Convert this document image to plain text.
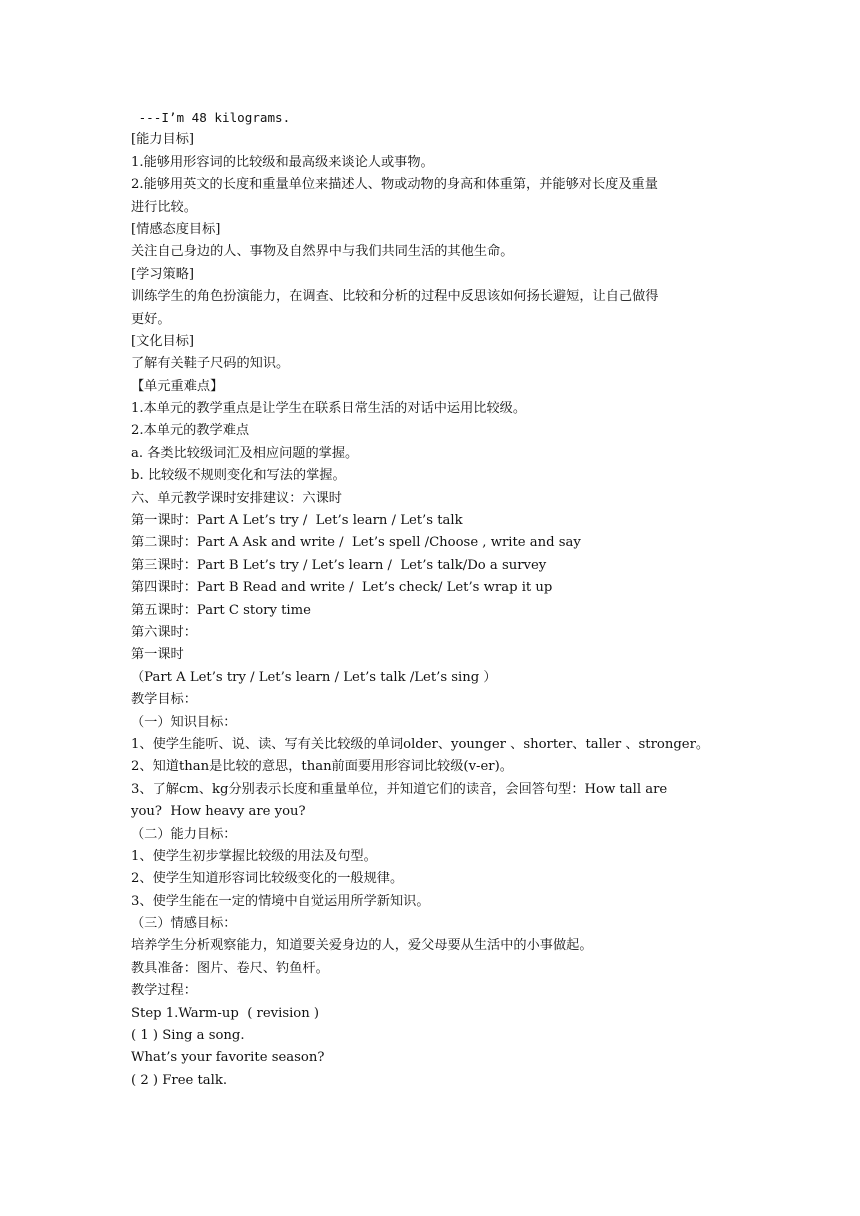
---I’m 48 kilograms.
[能力目标]
1.能够用形容词的比较级和最高级来谈论人或事物。
2.能够用英文的长度和重量单位来描述人、物或动物的身高和体重第，并能够对长度及重量
进行比较。
[情感态度目标]
关注自己身边的人、事物及自然界中与我们共同生活的其他生命。
[学习策略]
训练学生的角色扮演能力，在调查、比较和分析的过程中反思该如何扬长避短，让自己做得
更好。
[文化目标]
了解有关鞋子尺码的知识。
【单元重难点】
1.本单元的教学重点是让学生在联系日常生活的对话中运用比较级。
2.本单元的教学难点
a. 各类比较级词汇及相应问题的掌握。
b. 比较级不规则变化和写法的掌握。
六、单元教学课时安排建议：六课时
第一课时：Part A Let’s try /  Let’s learn / Let’s talk
第二课时：Part A Ask and write /  Let’s spell /Choose , write and say
第三课时：Part B Let’s try / Let’s learn /  Let’s talk/Do a survey
第四课时：Part B Read and write /  Let’s check/ Let’s wrap it up
第五课时：Part C story time
第六课时：
第一课时
（Part A Let’s try / Let’s learn / Let’s talk /Let’s sing ）
教学目标：
（一）知识目标：
1、使学生能听、说、读、写有关比较级的单词older、younger 、shorter、taller 、stronger。
2、知道than是比较的意思，than前面要用形容词比较级(v-er)。
3、了解cm、kg分别表示长度和重量单位，并知道它们的读音，会回答句型：How tall are
you?  How heavy are you?
（二）能力目标：
1、使学生初步掌握比较级的用法及句型。
2、使学生知道形容词比较级变化的一般规律。
3、使学生能在一定的情境中自觉运用所学新知识。
（三）情感目标：
培养学生分析观察能力，知道要关爱身边的人，爱父母要从生活中的小事做起。
教具准备：图片、卷尺、钓鱼杆。
教学过程：
Step 1.Warm-up  ( revision )
( 1 ) Sing a song.
What’s your favorite season?
( 2 ) Free talk.
